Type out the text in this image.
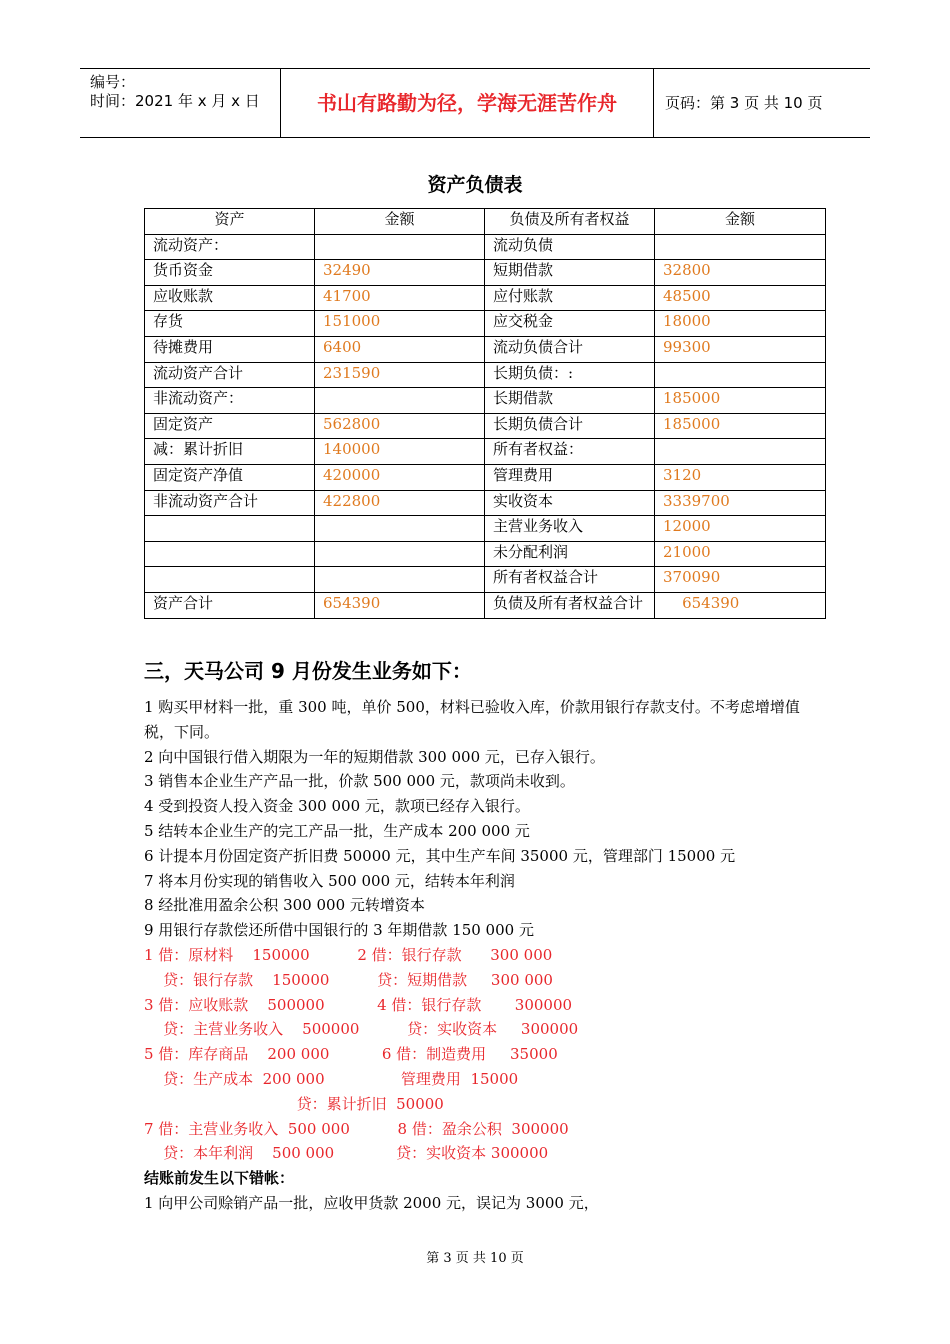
编号：
时间：2021 年 x 月 x 日	书山有路勤为径，学海无涯苦作舟	页码：第 3 页 共 10 页
资产负债表
资产	金额	负债及所有者权益	金额
流动资产：		流动负债	
货币资金	32490	短期借款	32800
应收账款	41700	应付账款	48500
存货	151000	应交税金	18000
待摊费用	6400	流动负债合计	99300
流动资产合计	231590	长期负债：:	
非流动资产：		长期借款	185000
固定资产	562800	长期负债合计	185000
减：累计折旧	140000	所有者权益：	
固定资产净值	420000	管理费用	3120
非流动资产合计	422800	实收资本	3339700
		主营业务收入	12000
		未分配利润	21000
		所有者权益合计	370090
资产合计	654390	负债及所有者权益合计	654390
三，天马公司 9 月份发生业务如下：

1 购买甲材料一批，重 300 吨，单价 500，材料已验收入库，价款用银行存款支付。不考虑增增值税，下同。

2 向中国银行借入期限为一年的短期借款 300 000 元，已存入银行。

3 销售本企业生产产品一批，价款 500 000 元，款项尚未收到。

4 受到投资人投入资金 300 000 元，款项已经存入银行。

5 结转本企业生产的完工产品一批，生产成本 200 000 元

6 计提本月份固定资产折旧费 50000 元，其中生产车间 35000 元，管理部门 15000 元

7 将本月份实现的销售收入 500 000 元，结转本年利润

8 经批准用盈余公积 300 000 元转增资本

9 用银行存款偿还所借中国银行的 3 年期借款 150 000 元

1 借：原材料    150000          2 借：银行存款      300 000

贷：银行存款    150000          贷：短期借款     300 000

3 借：应收账款    500000           4 借：银行存款       300000

贷：主营业务收入    500000          贷：实收资本     300000

5 借：库存商品    200 000           6 借：制造费用     35000

贷：生产成本  200 000                管理费用  15000

贷：累计折旧  50000

7 借：主营业务收入  500 000          8 借：盈余公积  300000

贷：本年利润    500 000             贷：实收资本 300000

结账前发生以下错帐：

1 向甲公司赊销产品一批，应收甲货款 2000 元，误记为 3000 元，

第 3 页 共 10 页
